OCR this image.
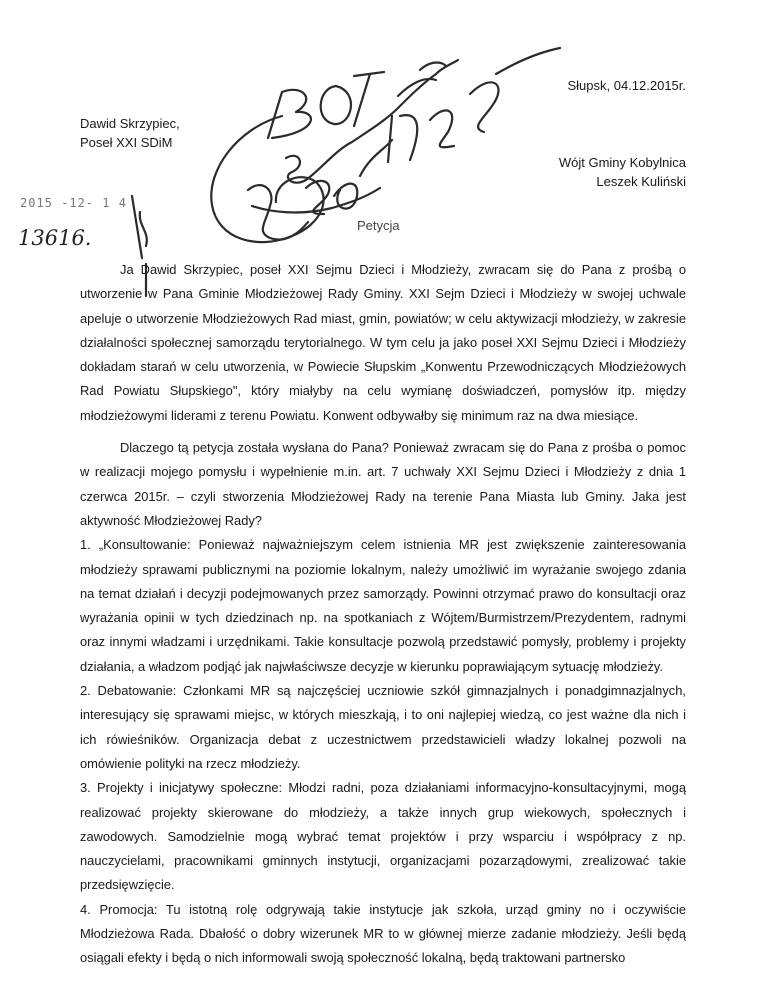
Słupsk, 04.12.2015r.
Dawid Skrzypiec,
Poseł XXI SDiM
Wójt Gminy Kobylnica
Leszek Kuliński
Petycja
2015 -12- 1 4
13616.

Ja Dawid Skrzypiec, poseł XXI Sejmu Dzieci i Młodzieży, zwracam się do Pana z prośbą o utworzenie w Pana Gminie Młodzieżowej Rady Gminy. XXI Sejm Dzieci i Młodzieży w swojej uchwale apeluje o utworzenie Młodzieżowych Rad miast, gmin, powiatów; w celu aktywizacji młodzieży, w zakresie działalności społecznej samorządu terytorialnego. W tym celu ja jako poseł XXI Sejmu Dzieci i Młodzieży dokładam starań w celu utworzenia, w Powiecie Słupskim „Konwentu Przewodniczących Młodzieżowych Rad Powiatu Słupskiego", który miałyby na celu wymianę doświadczeń, pomysłów itp. między młodzieżowymi liderami z terenu Powiatu. Konwent odbywałby się minimum raz na dwa miesiące.

Dlaczego tą petycja została wysłana do Pana? Ponieważ zwracam się do Pana z prośba o pomoc w realizacji mojego pomysłu i wypełnienie m.in. art. 7 uchwały XXI Sejmu Dzieci i Młodzieży z dnia 1 czerwca 2015r. – czyli stworzenia Młodzieżowej Rady na terenie Pana Miasta lub Gminy. Jaka jest aktywność Młodzieżowej Rady?

1. „Konsultowanie: Ponieważ najważniejszym celem istnienia MR jest zwiększenie zainteresowania młodzieży sprawami publicznymi na poziomie lokalnym, należy umożliwić im wyrażanie swojego zdania na temat działań i decyzji podejmowanych przez samorządy. Powinni otrzymać prawo do konsultacji oraz wyrażania opinii w tych dziedzinach np. na spotkaniach z Wójtem/Burmistrzem/Prezydentem, radnymi oraz innymi władzami i urzędnikami. Takie konsultacje pozwolą przedstawić pomysły, problemy i projekty działania, a władzom podjąć jak najwłaściwsze decyzje w kierunku poprawiającym sytuację młodzieży.

2. Debatowanie: Członkami MR są najczęściej uczniowie szkół gimnazjalnych i ponadgimnazjalnych, interesujący się sprawami miejsc, w których mieszkają, i to oni najlepiej wiedzą, co jest ważne dla nich i ich rówieśników. Organizacja debat z uczestnictwem przedstawicieli władzy lokalnej pozwoli na omówienie polityki na rzecz młodzieży.

3. Projekty i inicjatywy społeczne: Młodzi radni, poza działaniami informacyjno-konsultacyjnymi, mogą realizować projekty skierowane do młodzieży, a także innych grup wiekowych, społecznych i zawodowych. Samodzielnie mogą wybrać temat projektów i przy wsparciu i współpracy z np. nauczycielami, pracownikami gminnych instytucji, organizacjami pozarządowymi, zrealizować takie przedsięwzięcie.

4. Promocja: Tu istotną rolę odgrywają takie instytucje jak szkoła, urząd gminy no i oczywiście Młodzieżowa Rada. Dbałość o dobry wizerunek MR to w głównej mierze zadanie młodzieży. Jeśli będą osiągali efekty i będą o nich informowali swoją społeczność lokalną, będą traktowani partnersko
